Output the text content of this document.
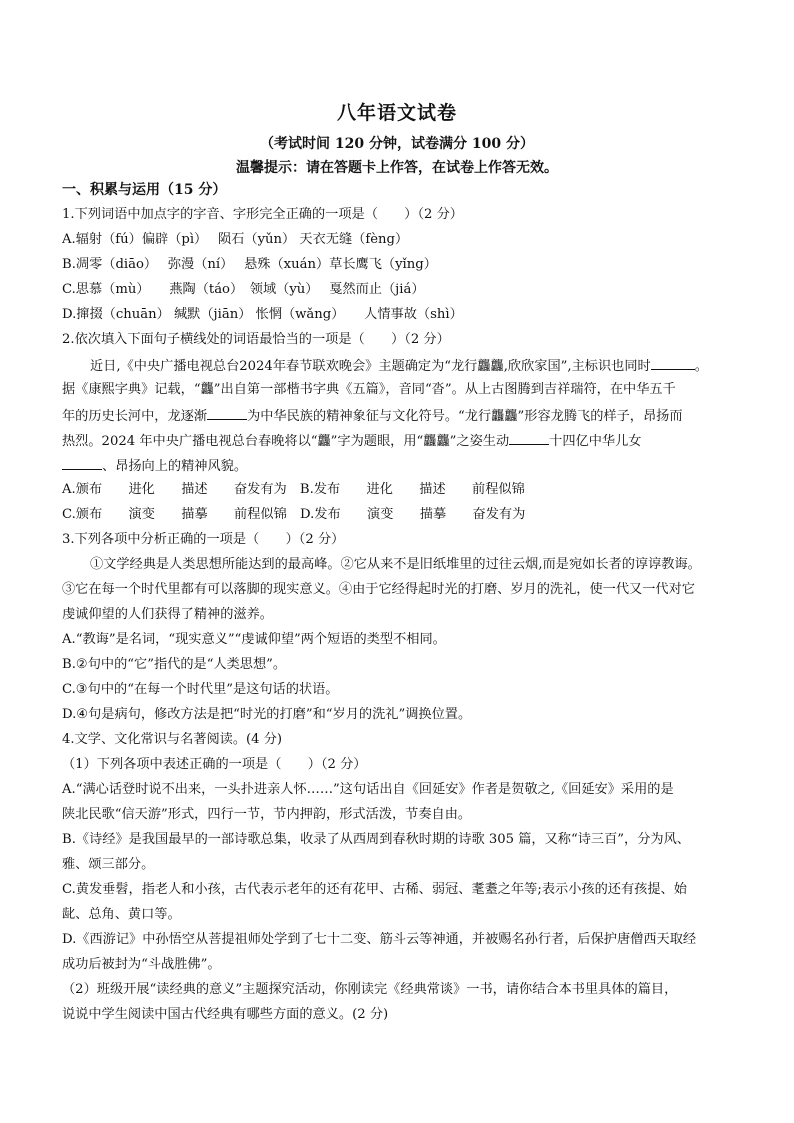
八年语文试卷
（考试时间 120 分钟，试卷满分 100 分）
温馨提示：请在答题卡上作答，在试卷上作答无效。
一、积累与运用（15 分）
1.下列词语中加点字的字音、字形完全正确的一项是（　　）（2 分）
A.辐射（fú）偏辟（pì）　 陨石（yǔn） 天衣无缝（fèng）
B.凋零（diāo）　 弥漫（ní）　 悬殊（xuán）草长鹰飞（yǐng）
C.思慕（mù）　　燕陶（táo）　领域（yù）　 戛然而止（jiá）
D.撺掇（chuān） 缄默（jiān） 怅惘（wǎng）　　人情事故（shì）
2.依次填入下面句子横线处的词语最恰当的一项是（　　）（2 分）
近日,《中央广播电视总台2024年春节联欢晚会》主题确定为“龙行龘龘,欣欣家国”,主标识也同时	。
据《康熙字典》记载，“龘”出自第一部楷书字典《五篇》，音同“沓”。从上古图腾到吉祥瑞符，在中华五千
年的历史长河中，龙逐渐	为中华民族的精神象征与文化符号。“龙行龘龘”形容龙腾飞的样子，昂扬而
热烈。2024 年中央广播电视总台春晚将以“龘”字为题眼，用“龘龘”之姿生动	十四亿中华儿女
、昂扬向上的精神风貌。
A.颁布　　进化　　描述　　奋发有为　B.发布　　进化　　描述　　前程似锦
C.颁布　　演变　　描摹　　前程似锦　D.发布　　演变　　描摹　　奋发有为
3.下列各项中分析正确的一项是（　　）（2 分）
①文学经典是人类思想所能达到的最高峰。②它从来不是旧纸堆里的过往云烟,而是宛如长者的谆谆教诲。
③它在每一个时代里都有可以落脚的现实意义。④由于它经得起时光的打磨、岁月的洗礼，使一代又一代对它
虔诚仰望的人们获得了精神的滋养。
A.“教诲”是名词，“现实意义”“虔诚仰望”两个短语的类型不相同。
B.②句中的“它”指代的是“人类思想”。
C.③句中的“在每一个时代里”是这句话的状语。
D.④句是病句，修改方法是把“时光的打磨”和“岁月的洗礼”调换位置。
4.文学、文化常识与名著阅读。(4 分)
（1）下列各项中表述正确的一项是（　　）（2 分）
A.“满心话登时说不出来，一头扑进亲人怀……”这句话出自《回延安》作者是贺敬之,《回延安》采用的是
陕北民歌“信天游”形式，四行一节，节内押韵，形式活泼，节奏自由。
B.《诗经》是我国最早的一部诗歌总集，收录了从西周到春秋时期的诗歌 305 篇，又称“诗三百”，分为风、
雅、颂三部分。
C.黄发垂髫，指老人和小孩，古代表示老年的还有花甲、古稀、弱冠、耄耋之年等;表示小孩的还有孩提、始
龀、总角、黄口等。
D.《西游记》中孙悟空从菩提祖师处学到了七十二变、筋斗云等神通，并被赐名孙行者，后保护唐僧西天取经
成功后被封为“斗战胜佛”。
（2）班级开展“读经典的意义”主题探究活动，你刚读完《经典常谈》一书，请你结合本书里具体的篇目，
说说中学生阅读中国古代经典有哪些方面的意义。(2 分)
